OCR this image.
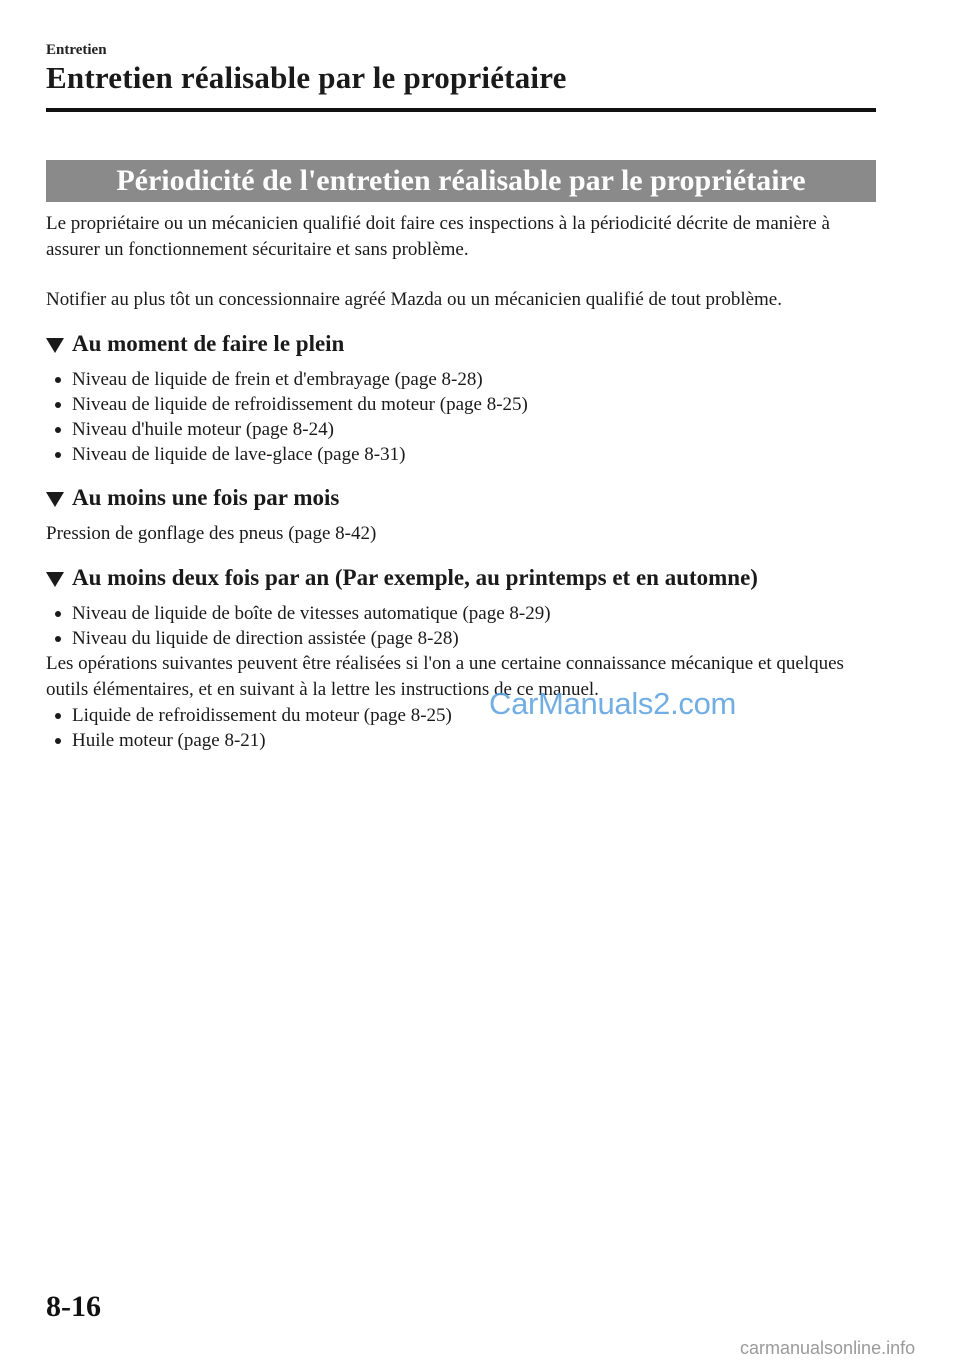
Entretien
Entretien réalisable par le propriétaire
Périodicité de l'entretien réalisable par le propriétaire

Le propriétaire ou un mécanicien qualifié doit faire ces inspections à la périodicité décrite de manière à assurer un fonctionnement sécuritaire et sans problème.

Notifier au plus tôt un concessionnaire agréé Mazda ou un mécanicien qualifié de tout problème.

Au moment de faire le plein
Niveau de liquide de frein et d'embrayage (page 8-28)
Niveau de liquide de refroidissement du moteur (page 8-25)
Niveau d'huile moteur (page 8-24)
Niveau de liquide de lave-glace (page 8-31)
Au moins une fois par mois

Pression de gonflage des pneus (page 8-42)

Au moins deux fois par an (Par exemple, au printemps et en automne)
Niveau de liquide de boîte de vitesses automatique (page 8-29)
Niveau du liquide de direction assistée (page 8-28)

Les opérations suivantes peuvent être réalisées si l'on a une certaine connaissance mécanique et quelques outils élémentaires, et en suivant à la lettre les instructions de ce manuel.

Liquide de refroidissement du moteur (page 8-25)
Huile moteur (page 8-21)
CarManuals2.com
8-16
carmanualsonline.info
